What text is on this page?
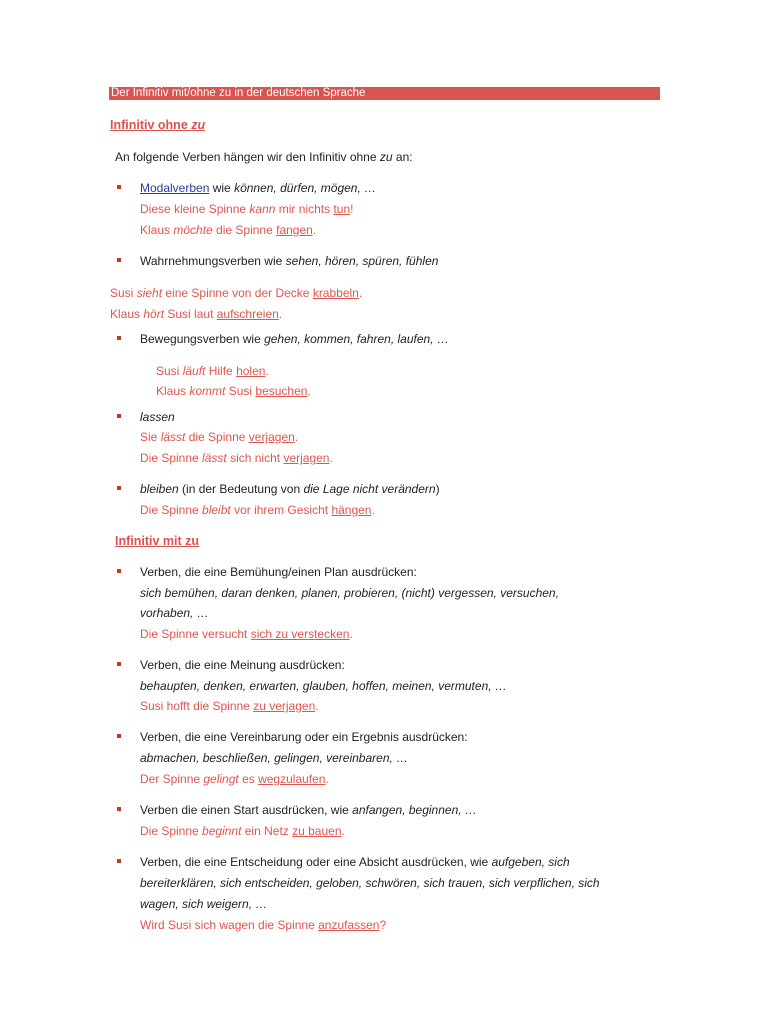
Der Infinitiv mit/ohne zu in der deutschen Sprache
Infinitiv ohne zu
An folgende Verben hängen wir den Infinitiv ohne zu an:
Modalverben wie können, dürfen, mögen, …
Diese kleine Spinne kann mir nichts tun!
Klaus möchte die Spinne fangen.
Wahrnehmungsverben wie sehen, hören, spüren, fühlen
Susi sieht eine Spinne von der Decke krabbeln.
Klaus hört Susi laut aufschreien.
Bewegungsverben wie gehen, kommen, fahren, laufen, …
Susi läuft Hilfe holen.
Klaus kommt Susi besuchen.
lassen
Sie lässt die Spinne verjagen.
Die Spinne lässt sich nicht verjagen.
bleiben (in der Bedeutung von die Lage nicht verändern)
Die Spinne bleibt vor ihrem Gesicht hängen.
Infinitiv mit zu
Verben, die eine Bemühung/einen Plan ausdrücken:
sich bemühen, daran denken, planen, probieren, (nicht) vergessen, versuchen,
vorhaben, …
Die Spinne versucht sich zu verstecken.
Verben, die eine Meinung ausdrücken:
behaupten, denken, erwarten, glauben, hoffen, meinen, vermuten, …
Susi hofft die Spinne zu verjagen.
Verben, die eine Vereinbarung oder ein Ergebnis ausdrücken:
abmachen, beschließen, gelingen, vereinbaren, …
Der Spinne gelingt es wegzulaufen.
Verben die einen Start ausdrücken, wie anfangen, beginnen, …
Die Spinne beginnt ein Netz zu bauen.
Verben, die eine Entscheidung oder eine Absicht ausdrücken, wie aufgeben, sich
bereiterklären, sich entscheiden, geloben, schwören, sich trauen, sich verpflichen, sich
wagen, sich weigern, …
Wird Susi sich wagen die Spinne anzufassen?
